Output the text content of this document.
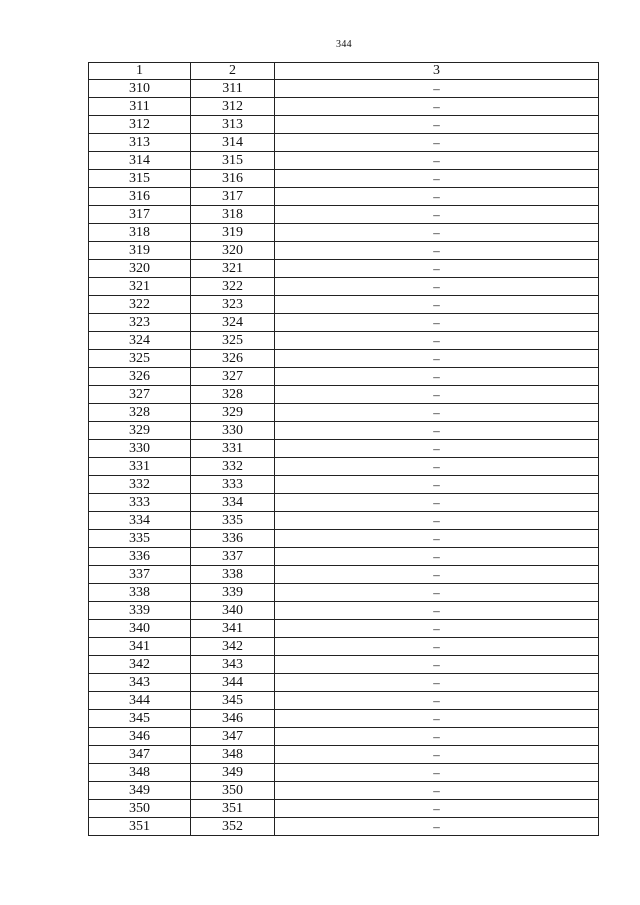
344
1	2	3
310	311	–
311	312	–
312	313	–
313	314	–
314	315	–
315	316	–
316	317	–
317	318	–
318	319	–
319	320	–
320	321	–
321	322	–
322	323	–
323	324	–
324	325	–
325	326	–
326	327	–
327	328	–
328	329	–
329	330	–
330	331	–
331	332	–
332	333	–
333	334	–
334	335	–
335	336	–
336	337	–
337	338	–
338	339	–
339	340	–
340	341	–
341	342	–
342	343	–
343	344	–
344	345	–
345	346	–
346	347	–
347	348	–
348	349	–
349	350	–
350	351	–
351	352	–
